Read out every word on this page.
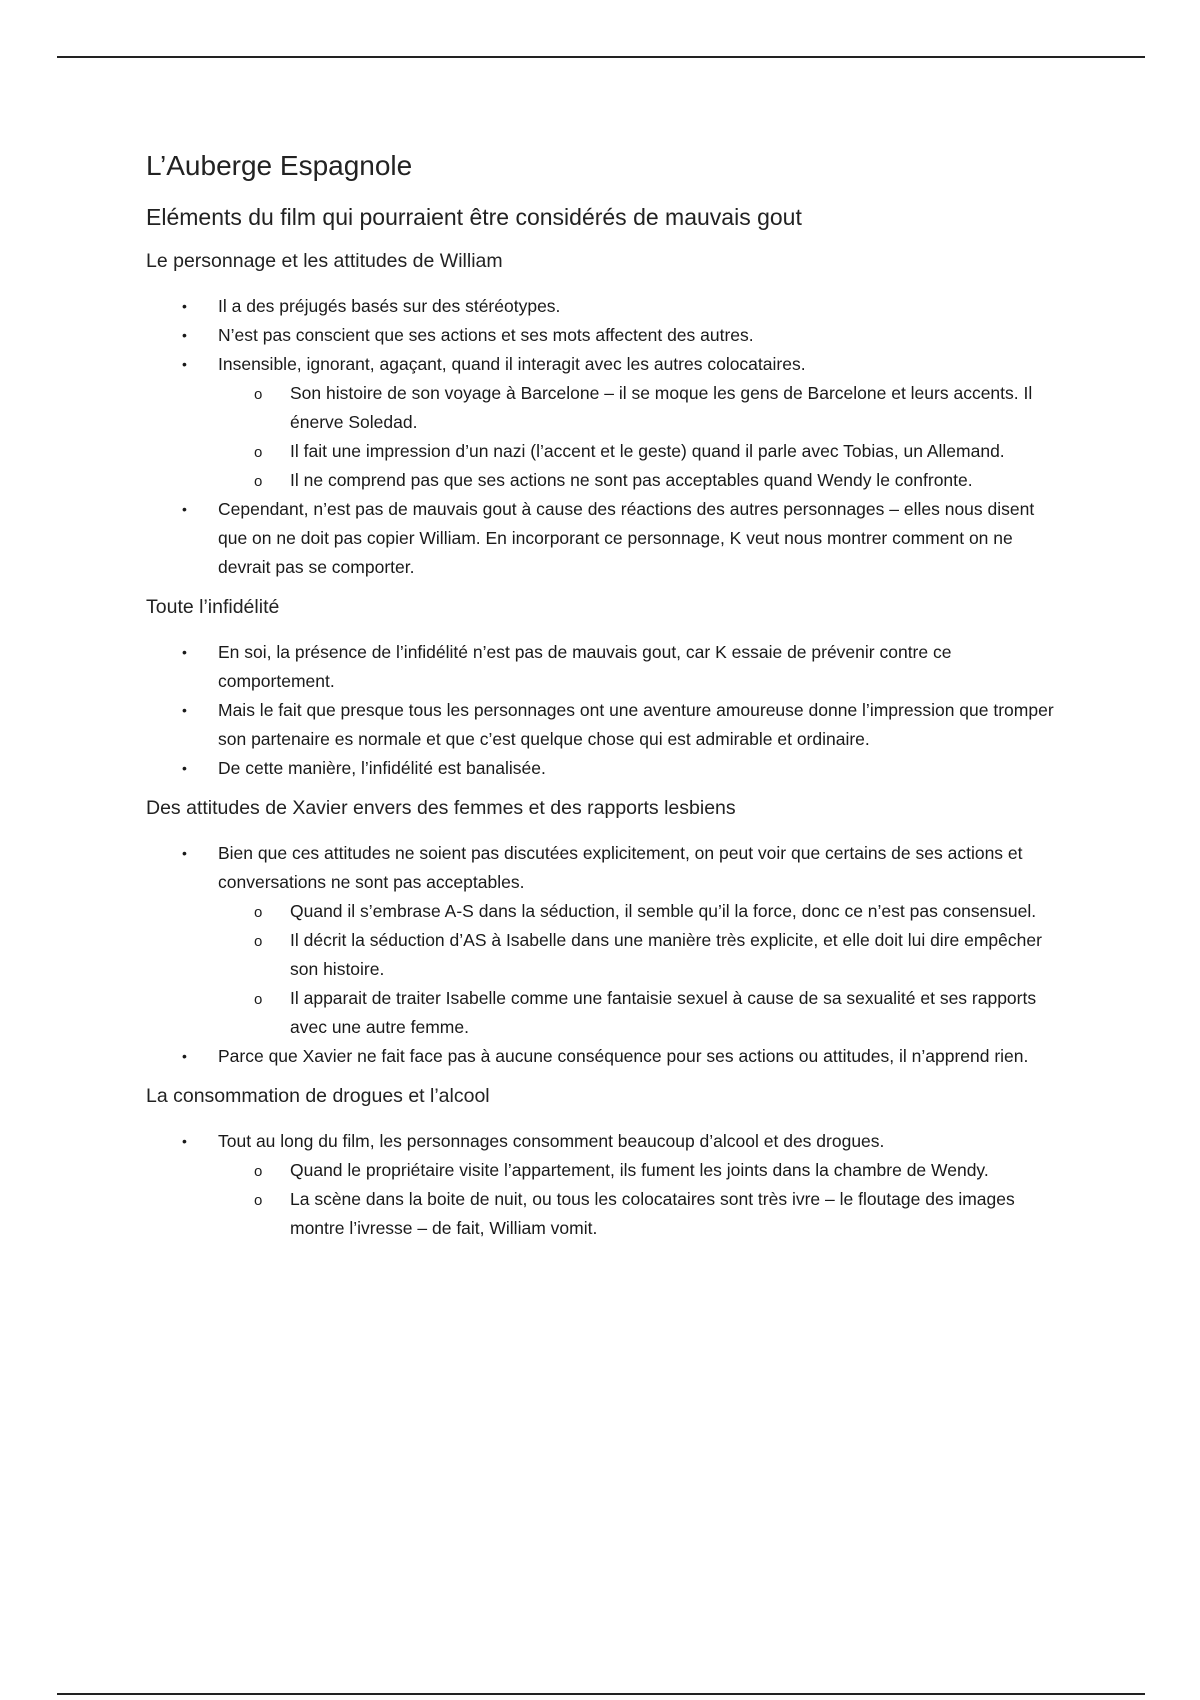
L’Auberge Espagnole
Eléments du film qui pourraient être considérés de mauvais gout
Le personnage et les attitudes de William
• Il a des préjugés basés sur des stéréotypes.
• N’est pas conscient que ses actions et ses mots affectent des autres.
• Insensible, ignorant, agaçant, quand il interagit avec les autres colocataires.
o Son histoire de son voyage à Barcelone – il se moque les gens de Barcelone et leurs accents. Il énerve Soledad.
o Il fait une impression d’un nazi (l’accent et le geste) quand il parle avec Tobias, un Allemand.
o Il ne comprend pas que ses actions ne sont pas acceptables quand Wendy le confronte.
• Cependant, n’est pas de mauvais gout à cause des réactions des autres personnages – elles nous disent que on ne doit pas copier William. En incorporant ce personnage, K veut nous montrer comment on ne devrait pas se comporter.
Toute l’infidélité
• En soi, la présence de l’infidélité n’est pas de mauvais gout, car K essaie de prévenir contre ce comportement.
• Mais le fait que presque tous les personnages ont une aventure amoureuse donne l’impression que tromper son partenaire es normale et que c’est quelque chose qui est admirable et ordinaire.
• De cette manière, l’infidélité est banalisée.
Des attitudes de Xavier envers des femmes et des rapports lesbiens
• Bien que ces attitudes ne soient pas discutées explicitement, on peut voir que certains de ses actions et conversations ne sont pas acceptables.
o Quand il s’embrase A-S dans la séduction, il semble qu’il la force, donc ce n’est pas consensuel.
o Il décrit la séduction d’AS à Isabelle dans une manière très explicite, et elle doit lui dire empêcher son histoire.
o Il apparait de traiter Isabelle comme une fantaisie sexuel à cause de sa sexualité et ses rapports avec une autre femme.
• Parce que Xavier ne fait face pas à aucune conséquence pour ses actions ou attitudes, il n’apprend rien.
La consommation de drogues et l’alcool
• Tout au long du film, les personnages consomment beaucoup d’alcool et des drogues.
o Quand le propriétaire visite l’appartement, ils fument les joints dans la chambre de Wendy.
o La scène dans la boite de nuit, ou tous les colocataires sont très ivre – le floutage des images montre l’ivresse – de fait, William vomit.
